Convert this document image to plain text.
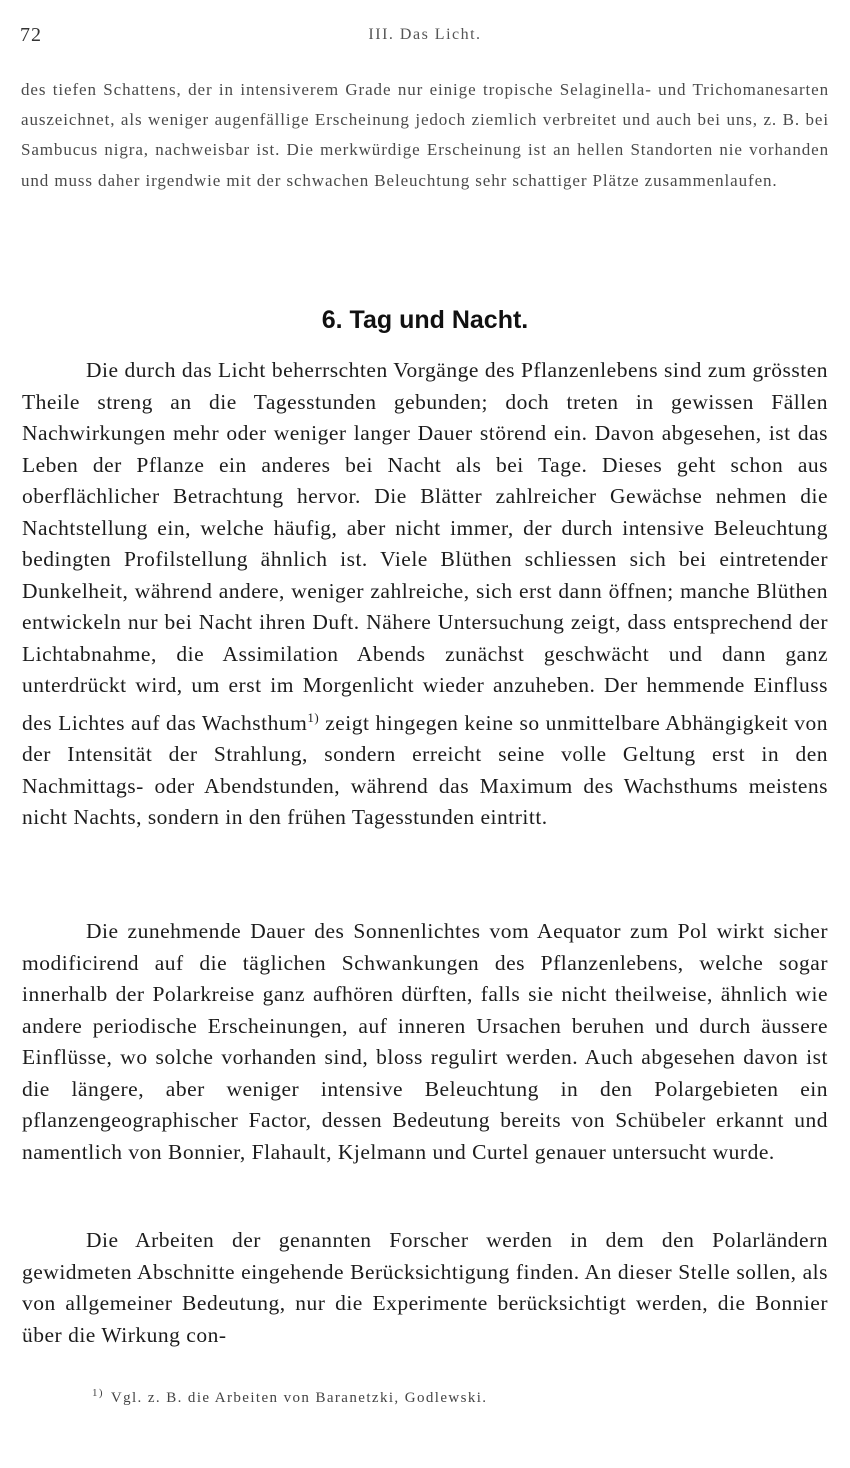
72	III. Das Licht.

des tiefen Schattens, der in intensiverem Grade nur einige tropische Selaginella- und Trichomanesarten auszeichnet, als weniger augenfällige Erscheinung jedoch ziemlich verbreitet und auch bei uns, z. B. bei Sambucus nigra, nachweisbar ist. Die merkwürdige Erscheinung ist an hellen Standorten nie vorhanden und muss daher irgendwie mit der schwachen Beleuchtung sehr schattiger Plätze zusammenlaufen.

6. Tag und Nacht.

Die durch das Licht beherrschten Vorgänge des Pflanzenlebens sind zum grössten Theile streng an die Tagesstunden gebunden; doch treten in gewissen Fällen Nachwirkungen mehr oder weniger langer Dauer störend ein. Davon abgesehen, ist das Leben der Pflanze ein anderes bei Nacht als bei Tage. Dieses geht schon aus oberflächlicher Betrachtung hervor. Die Blätter zahlreicher Gewächse nehmen die Nachtstellung ein, welche häufig, aber nicht immer, der durch intensive Beleuchtung bedingten Profilstellung ähnlich ist. Viele Blüthen schliessen sich bei eintretender Dunkelheit, während andere, weniger zahlreiche, sich erst dann öffnen; manche Blüthen entwickeln nur bei Nacht ihren Duft. Nähere Untersuchung zeigt, dass entsprechend der Lichtabnahme, die Assimilation Abends zunächst geschwächt und dann ganz unterdrückt wird, um erst im Morgenlicht wieder anzuheben. Der hemmende Einfluss des Lichtes auf das Wachsthum$^{1)}$ zeigt hingegen keine so unmittelbare Abhängigkeit von der Intensität der Strahlung, sondern erreicht seine volle Geltung erst in den Nachmittags- oder Abendstunden, während das Maximum des Wachsthums meistens nicht Nachts, sondern in den frühen Tagesstunden eintritt.

Die zunehmende Dauer des Sonnenlichtes vom Aequator zum Pol wirkt sicher modificirend auf die täglichen Schwankungen des Pflanzenlebens, welche sogar innerhalb der Polarkreise ganz aufhören dürften, falls sie nicht theilweise, ähnlich wie andere periodische Erscheinungen, auf inneren Ursachen beruhen und durch äussere Einflüsse, wo solche vorhanden sind, bloss regulirt werden. Auch abgesehen davon ist die längere, aber weniger intensive Beleuchtung in den Polargebieten ein pflanzengeographischer Factor, dessen Bedeutung bereits von Schübeler erkannt und namentlich von Bonnier, Flahault, Kjelmann und Curtel genauer untersucht wurde.

Die Arbeiten der genannten Forscher werden in dem den Polarländern gewidmeten Abschnitte eingehende Berücksichtigung finden. An dieser Stelle sollen, als von allgemeiner Bedeutung, nur die Experimente berücksichtigt werden, die Bonnier über die Wirkung con-

$^{1)}$ Vgl. z. B. die Arbeiten von Baranetzki, Godlewski.
